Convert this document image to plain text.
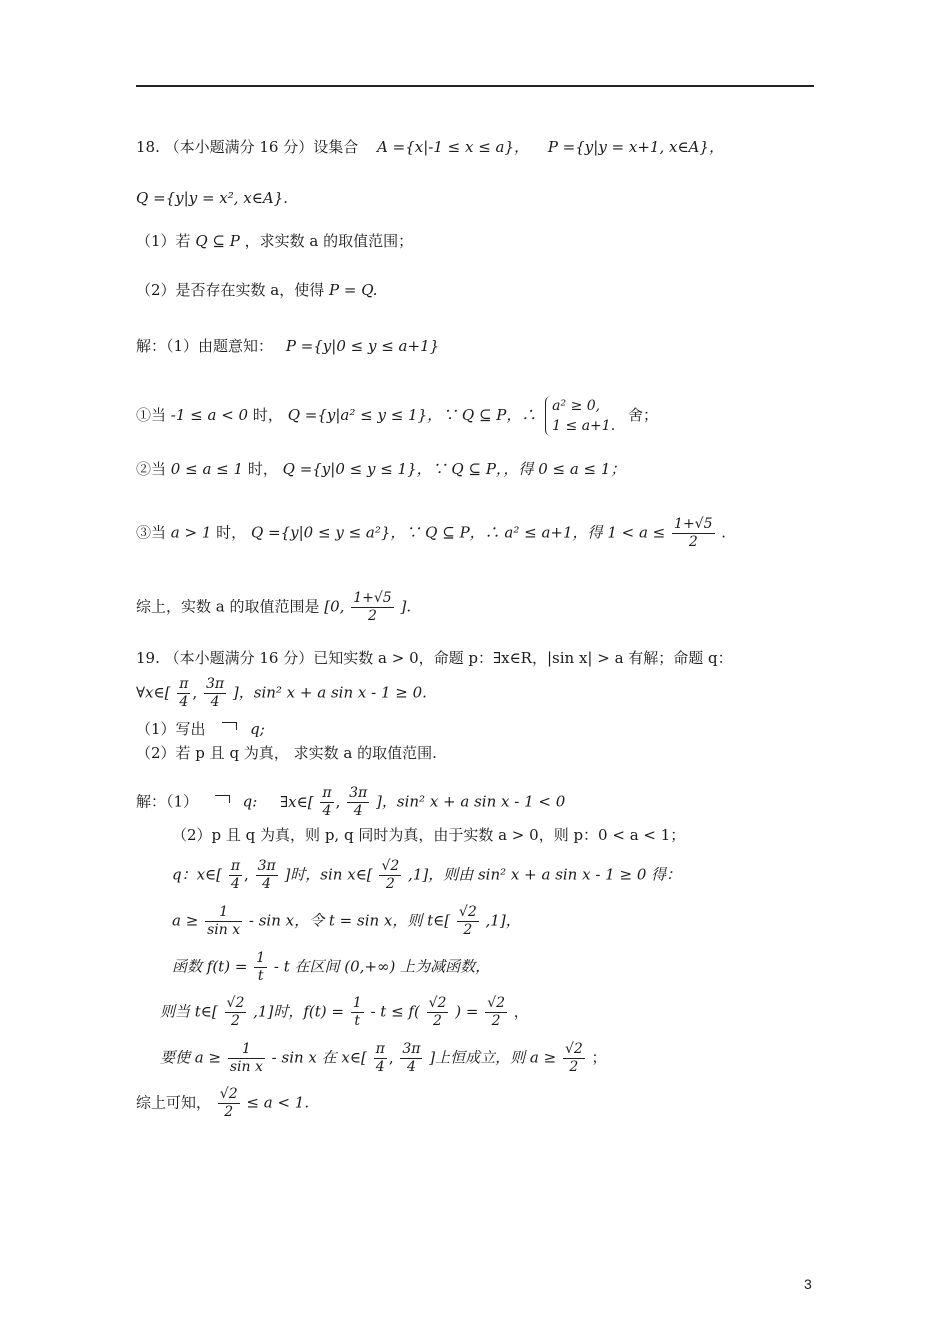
18. （本小题满分 16 分）设集合 A ={x|-1 ≤ x ≤ a}， P ={y|y = x+1, x∈A}，
Q ={y|y = x², x∈A}.
（1）若 Q ⊆ P ，求实数 a 的取值范围；
（2）是否存在实数 a，使得 P = Q.
解：（1）由题意知： P ={y|0 ≤ y ≤ a+1}
①当 -1 ≤ a < 0 时， Q ={y|a² ≤ y ≤ 1}，∵ Q ⊆ P，∴ a² ≥ 0,
1 ≤ a+1.
舍；
②当 0 ≤ a ≤ 1 时， Q ={y|0 ≤ y ≤ 1}，∵ Q ⊆ P，，得 0 ≤ a ≤ 1；
③当 a > 1 时， Q ={y|0 ≤ y ≤ a²}，∵ Q ⊆ P，∴ a² ≤ a+1，得 $1 < a \le \frac{1+√5}{2}$ .
综上，实数 a 的取值范围是 [0, $\frac{1+√5}{2}$ ].
19. （本小题满分 16 分）已知实数 a > 0，命题 p：∃x∈R，|sin x| > a 有解；命题 q：
∀x∈[ $\frac{\pi}{4}$ , $\frac{3\pi}{4}$ ]，sin² x + a sin x - 1 ≥ 0.
（1）写出	q;
（2）若 p 且 q 为真， 求实数 a 的取值范围.
解：（1）	q: ∃x∈[ $\frac{\pi}{4}$ , $\frac{3\pi}{4}$ ]，sin² x + a sin x - 1 < 0
（2）p 且 q 为真，则 p, q 同时为真，由于实数 a > 0，则 p：0 < a < 1；
q：x∈[ $\frac{\pi}{4}$ , $\frac{3\pi}{4}$ ]时，sin x∈[ $\frac{√2}{2} ,1$]，则由 sin² x + a sin x - 1 ≥ 0 得：
$a \ge \frac{1}{\text{sin x}} - \sin x$，令 t = sin x，则 t∈[ $\frac{√2}{2} ,1$]，
函数 $f(t) = \frac{1}{t} - t$ 在区间 (0,+∞) 上为减函数，
则当 t∈[ $\frac{√2}{2} ,1$]时，$f(t) = \frac{1}{t} - t \le f( \frac{√2}{2}$ ) = $\frac{√2}{2}$ ，
要使 $a \ge \frac{1}{\text{sin x}} - \sin x$ 在 x∈[ $\frac{\pi}{4}$ , $\frac{3\pi}{4}$ ]上恒成立，则 $a \ge \frac{√2}{2}$ ；
综上可知， $\frac{√2}{2} \le a < 1$.
3
